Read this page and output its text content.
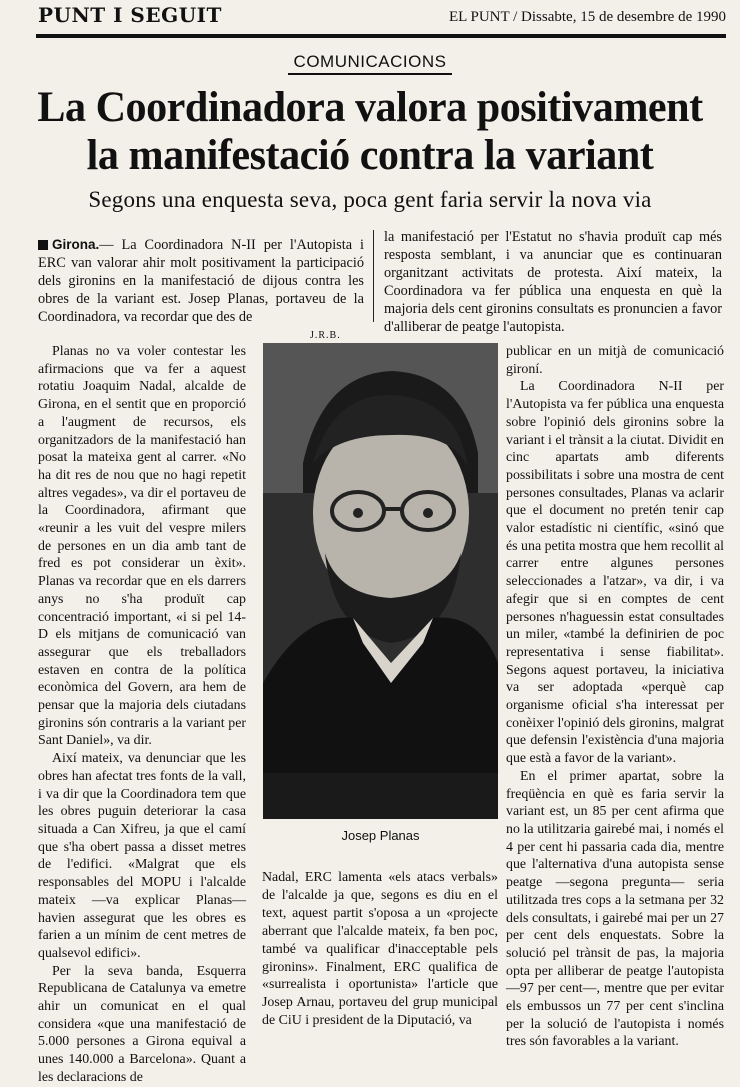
PUNT I SEGUIT	EL PUNT / Dissabte, 15 de desembre de 1990
COMUNICACIONS
La Coordinadora valora positivament
la manifestació contra la variant
Segons una enquesta seva, poca gent faria servir la nova via

Girona.— La Coordinadora N-II per l'Autopista i ERC van valorar ahir molt positivament la participació dels gironins en la manifestació de dijous contra les obres de la variant est. Josep Planas, portaveu de la Coordinadora, va recordar que des de

la manifestació per l'Estatut no s'havia produït cap més resposta semblant, i va anunciar que es continuaran organitzant activitats de protesta. Així mateix, la Coordinadora va fer pública una enquesta en què la majoria dels cent gironins consultats es pronuncien a favor d'alliberar de peatge l'autopista.

Planas no va voler contestar les afirmacions que va fer a aquest rotatiu Joaquim Nadal, alcalde de Girona, en el sentit que en proporció a l'augment de recursos, els organitzadors de la manifestació han posat la mateixa gent al carrer. «No ha dit res de nou que no hagi repetit altres vegades», va dir el portaveu de la Coordinadora, afirmant que «reunir a les vuit del vespre milers de persones en un dia amb tant de fred es pot considerar un èxit». Planas va recordar que en els darrers anys no s'ha produït cap concentració important, «i si pel 14-D els mitjans de comunicació van assegurar que els treballadors estaven en contra de la política econòmica del Govern, ara hem de pensar que la majoria dels ciutadans gironins són contraris a la variant per Sant Daniel», va dir.

Així mateix, va denunciar que les obres han afectat tres fonts de la vall, i va dir que la Coordinadora tem que les obres puguin deteriorar la casa situada a Can Xifreu, ja que el camí que s'ha obert passa a disset metres de l'edifici. «Malgrat que els responsables del MOPU i l'alcalde mateix —va explicar Planas— havien assegurat que les obres es farien a un mínim de cent metres de qualsevol edifici».

Per la seva banda, Esquerra Republicana de Catalunya va emetre ahir un comunicat en el qual considera «que una manifestació de 5.000 persones a Girona equival a unes 140.000 a Barcelona». Quant a les declaracions de

J.R.B.
Josep Planas

Nadal, ERC lamenta «els atacs verbals» de l'alcalde ja que, segons es diu en el text, aquest partit s'oposa a un «projecte aberrant que l'alcalde mateix, fa ben poc, també va qualificar d'inacceptable pels gironins». Finalment, ERC qualifica de «surrealista i oportunista» l'article que Josep Arnau, portaveu del grup municipal de CiU i president de la Diputació, va

publicar en un mitjà de comunicació gironí.

La Coordinadora N-II per l'Autopista va fer pública una enquesta sobre l'opinió dels gironins sobre la variant i el trànsit a la ciutat. Dividit en cinc apartats amb diferents possibilitats i sobre una mostra de cent persones consultades, Planas va aclarir que el document no pretén tenir cap valor estadístic ni científic, «sinó que és una petita mostra que hem recollit al carrer entre algunes persones seleccionades a l'atzar», va dir, i va afegir que si en comptes de cent persones n'haguessin estat consultades un miler, «també la definirien de poc representativa i sense fiabilitat». Segons aquest portaveu, la iniciativa va ser adoptada «perquè cap organisme oficial s'ha interessat per conèixer l'opinió dels gironins, malgrat que defensin l'existència d'una majoria que està a favor de la variant».

En el primer apartat, sobre la freqüència en què es faria servir la variant est, un 85 per cent afirma que no la utilitzaria gairebé mai, i només el 4 per cent hi passaria cada dia, mentre que l'alternativa d'una autopista sense peatge —segona pregunta— seria utilitzada tres cops a la setmana per 32 dels consultats, i gairebé mai per un 27 per cent dels enquestats. Sobre la solució pel trànsit de pas, la majoria opta per alliberar de peatge l'autopista —97 per cent—, mentre que per evitar els embussos un 77 per cent s'inclina per la solució de l'autopista i només tres són favorables a la variant.
